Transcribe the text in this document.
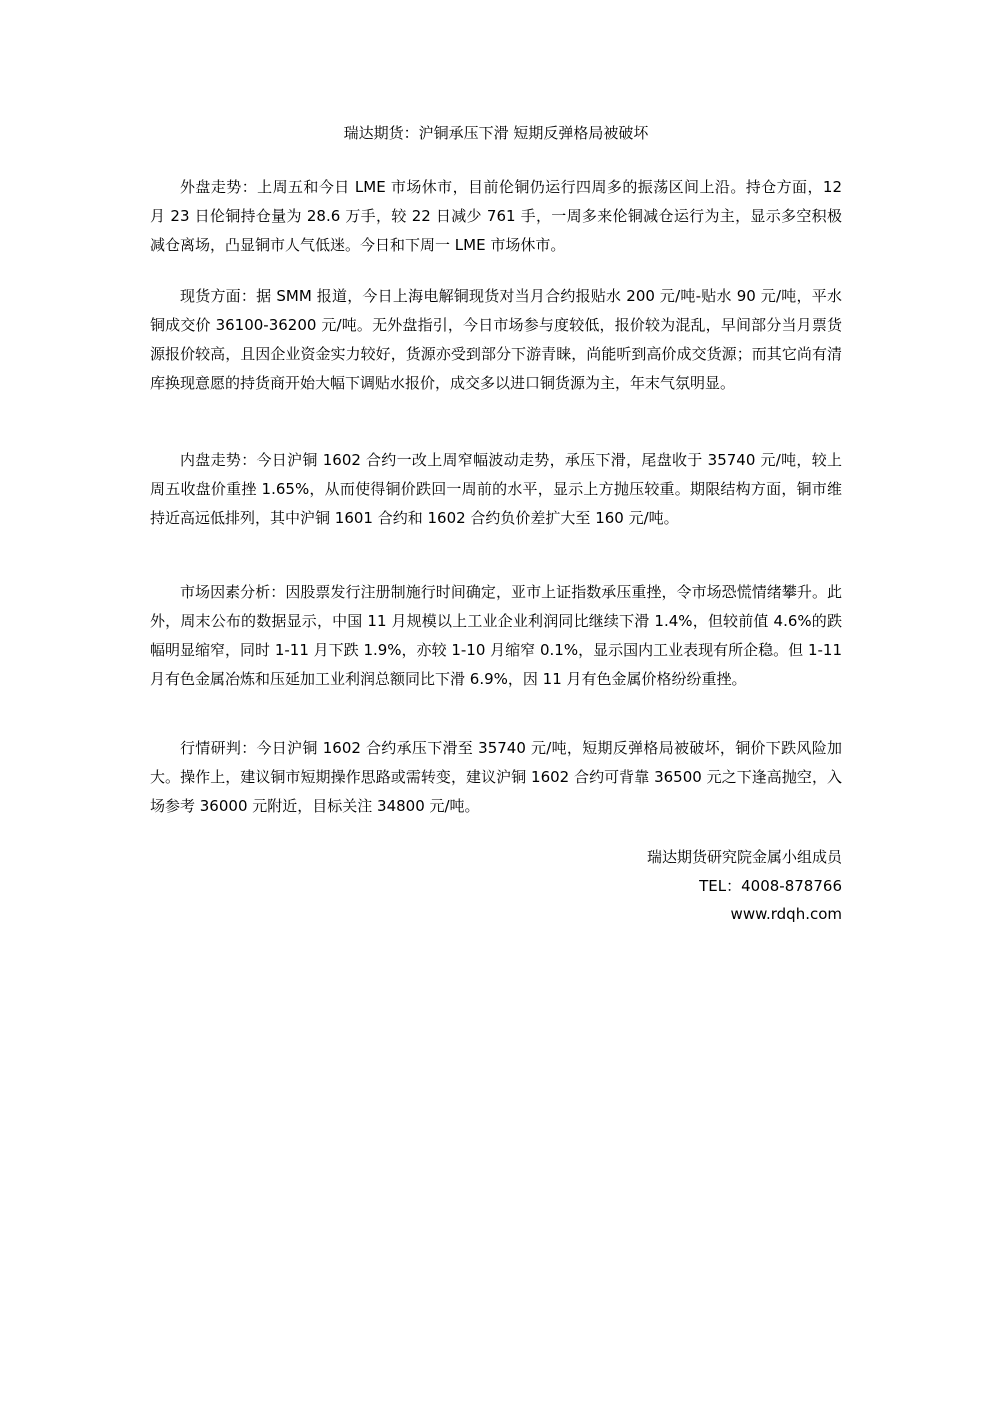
瑞达期货：沪铜承压下滑 短期反弹格局被破坏

外盘走势：上周五和今日 LME 市场休市，目前伦铜仍运行四周多的振荡区间上沿。持仓方面，12 月 23 日伦铜持仓量为 28.6 万手，较 22 日减少 761 手，一周多来伦铜减仓运行为主，显示多空积极减仓离场，凸显铜市人气低迷。今日和下周一 LME 市场休市。

现货方面：据 SMM 报道，今日上海电解铜现货对当月合约报贴水 200 元/吨-贴水 90 元/吨，平水铜成交价 36100-36200 元/吨。无外盘指引，今日市场参与度较低，报价较为混乱，早间部分当月票货源报价较高，且因企业资金实力较好，货源亦受到部分下游青睐，尚能听到高价成交货源；而其它尚有清库换现意愿的持货商开始大幅下调贴水报价，成交多以进口铜货源为主，年末气氛明显。

内盘走势：今日沪铜 1602 合约一改上周窄幅波动走势，承压下滑，尾盘收于 35740 元/吨，较上周五收盘价重挫 1.65%，从而使得铜价跌回一周前的水平，显示上方抛压较重。期限结构方面，铜市维持近高远低排列，其中沪铜 1601 合约和 1602 合约负价差扩大至 160 元/吨。

市场因素分析：因股票发行注册制施行时间确定，亚市上证指数承压重挫，令市场恐慌情绪攀升。此外，周末公布的数据显示，中国 11 月规模以上工业企业利润同比继续下滑 1.4%，但较前值 4.6%的跌幅明显缩窄，同时 1-11 月下跌 1.9%，亦较 1-10 月缩窄 0.1%，显示国内工业表现有所企稳。但 1-11 月有色金属冶炼和压延加工业利润总额同比下滑 6.9%，因 11 月有色金属价格纷纷重挫。

行情研判：今日沪铜 1602 合约承压下滑至 35740 元/吨，短期反弹格局被破坏，铜价下跌风险加大。操作上，建议铜市短期操作思路或需转变，建议沪铜 1602 合约可背靠 36500 元之下逢高抛空，入场参考 36000 元附近，目标关注 34800 元/吨。

瑞达期货研究院金属小组成员
TEL：4008-878766
www.rdqh.com
